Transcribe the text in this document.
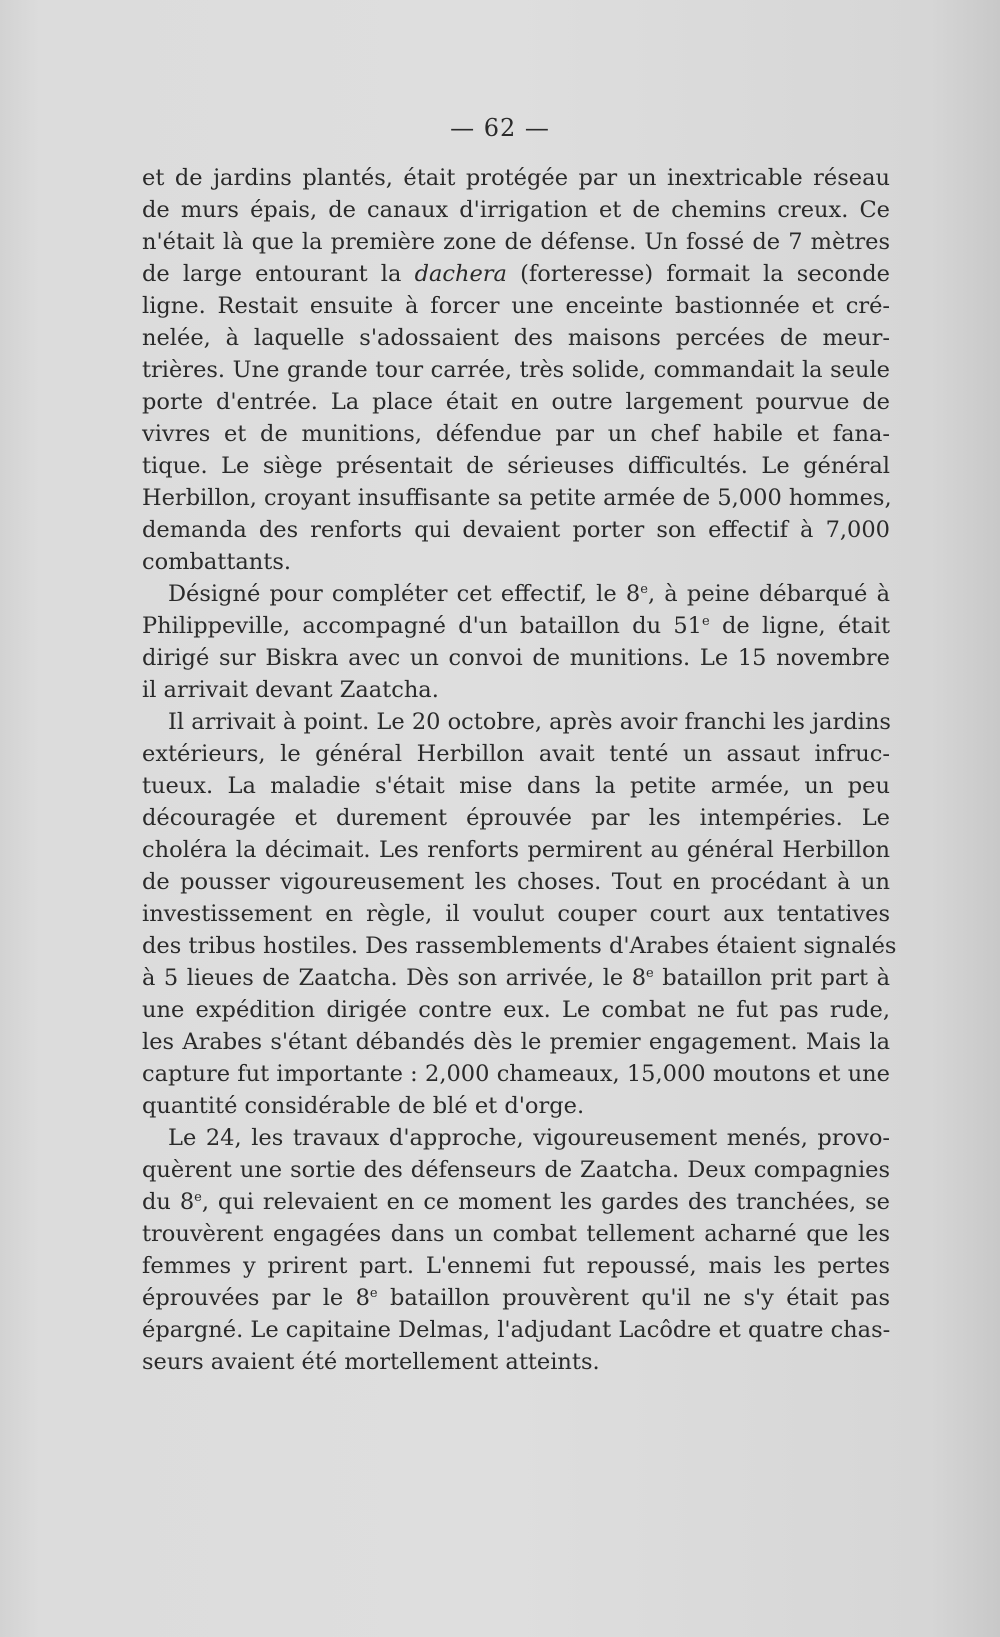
— 62 —
et de jardins plantés, était protégée par un inextricable réseau
de murs épais, de canaux d'irrigation et de chemins creux. Ce
n'était là que la première zone de défense. Un fossé de 7 mètres
de large entourant la dachera (forteresse) formait la seconde
ligne. Restait ensuite à forcer une enceinte bastionnée et cré-
nelée, à laquelle s'adossaient des maisons percées de meur-
trières. Une grande tour carrée, très solide, commandait la seule
porte d'entrée. La place était en outre largement pourvue de
vivres et de munitions, défendue par un chef habile et fana-
tique. Le siège présentait de sérieuses difficultés. Le général
Herbillon, croyant insuffisante sa petite armée de 5,000 hommes,
demanda des renforts qui devaient porter son effectif à 7,000
combattants.
Désigné pour compléter cet effectif, le 8e, à peine débarqué à
Philippeville, accompagné d'un bataillon du 51e de ligne, était
dirigé sur Biskra avec un convoi de munitions. Le 15 novembre
il arrivait devant Zaatcha.
Il arrivait à point. Le 20 octobre, après avoir franchi les jardins
extérieurs, le général Herbillon avait tenté un assaut infruc-
tueux. La maladie s'était mise dans la petite armée, un peu
découragée et durement éprouvée par les intempéries. Le
choléra la décimait. Les renforts permirent au général Herbillon
de pousser vigoureusement les choses. Tout en procédant à un
investissement en règle, il voulut couper court aux tentatives
des tribus hostiles. Des rassemblements d'Arabes étaient signalés
à 5 lieues de Zaatcha. Dès son arrivée, le 8e bataillon prit part à
une expédition dirigée contre eux. Le combat ne fut pas rude,
les Arabes s'étant débandés dès le premier engagement. Mais la
capture fut importante : 2,000 chameaux, 15,000 moutons et une
quantité considérable de blé et d'orge.
Le 24, les travaux d'approche, vigoureusement menés, provo-
quèrent une sortie des défenseurs de Zaatcha. Deux compagnies
du 8e, qui relevaient en ce moment les gardes des tranchées, se
trouvèrent engagées dans un combat tellement acharné que les
femmes y prirent part. L'ennemi fut repoussé, mais les pertes
éprouvées par le 8e bataillon prouvèrent qu'il ne s'y était pas
épargné. Le capitaine Delmas, l'adjudant Lacôdre et quatre chas-
seurs avaient été mortellement atteints.
